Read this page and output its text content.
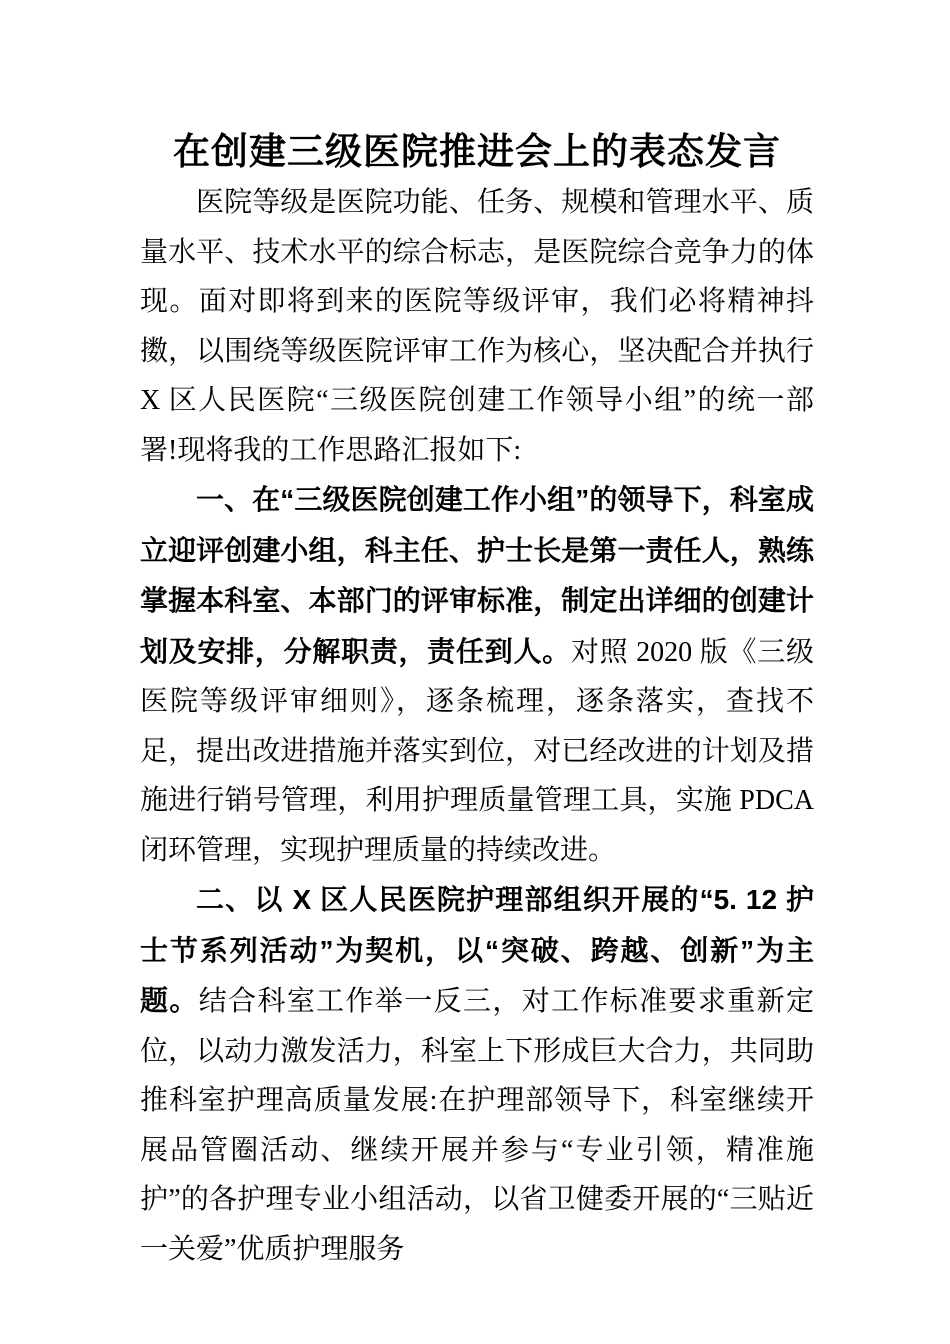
在创建三级医院推进会上的表态发言

医院等级是医院功能、任务、规模和管理水平、质量水平、技术水平的综合标志，是医院综合竞争力的体现。面对即将到来的医院等级评审，我们必将精神抖擞，以围绕等级医院评审工作为核心，坚决配合并执行 X 区人民医院“三级医院创建工作领导小组”的统一部署!现将我的工作思路汇报如下:

一、在“三级医院创建工作小组”的领导下，科室成立迎评创建小组，科主任、护士长是第一责任人，熟练掌握本科室、本部门的评审标准，制定出详细的创建计划及安排，分解职责，责任到人。对照 2020 版《三级医院等级评审细则》，逐条梳理，逐条落实，查找不足，提出改进措施并落实到位，对已经改进的计划及措施进行销号管理，利用护理质量管理工具，实施 PDCA 闭环管理，实现护理质量的持续改进。

二、以 X 区人民医院护理部组织开展的“5. 12 护士节系列活动”为契机，以“突破、跨越、创新”为主题。结合科室工作举一反三，对工作标准要求重新定位，以动力激发活力，科室上下形成巨大合力，共同助推科室护理高质量发展:在护理部领导下，科室继续开展品管圈活动、继续开展并参与“专业引领，精准施护”的各护理专业小组活动，以省卫健委开展的“三贴近一关爱”优质护理服务
